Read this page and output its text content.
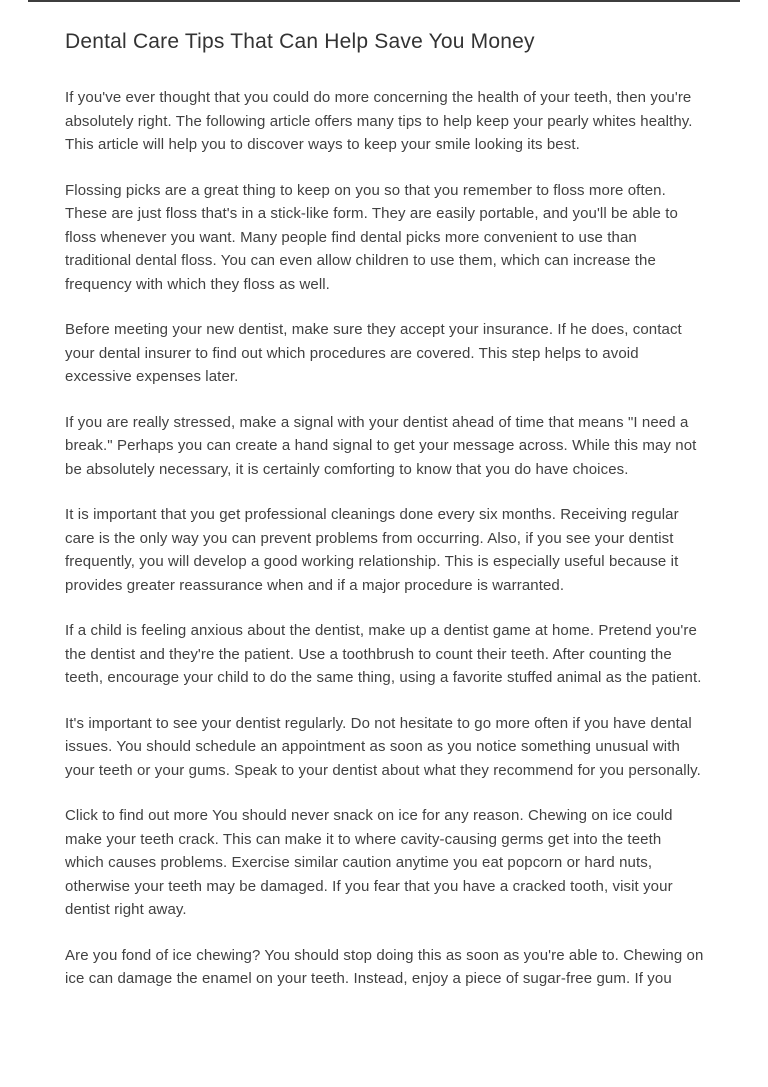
Dental Care Tips That Can Help Save You Money

If you've ever thought that you could do more concerning the health of your teeth, then you're absolutely right. The following article offers many tips to help keep your pearly whites healthy. This article will help you to discover ways to keep your smile looking its best.

Flossing picks are a great thing to keep on you so that you remember to floss more often. These are just floss that's in a stick-like form. They are easily portable, and you'll be able to floss whenever you want. Many people find dental picks more convenient to use than traditional dental floss. You can even allow children to use them, which can increase the frequency with which they floss as well.

Before meeting your new dentist, make sure they accept your insurance. If he does, contact your dental insurer to find out which procedures are covered. This step helps to avoid excessive expenses later.

If you are really stressed, make a signal with your dentist ahead of time that means "I need a break." Perhaps you can create a hand signal to get your message across. While this may not be absolutely necessary, it is certainly comforting to know that you do have choices.

It is important that you get professional cleanings done every six months. Receiving regular care is the only way you can prevent problems from occurring. Also, if you see your dentist frequently, you will develop a good working relationship. This is especially useful because it provides greater reassurance when and if a major procedure is warranted.

If a child is feeling anxious about the dentist, make up a dentist game at home. Pretend you're the dentist and they're the patient. Use a toothbrush to count their teeth. After counting the teeth, encourage your child to do the same thing, using a favorite stuffed animal as the patient.

It's important to see your dentist regularly. Do not hesitate to go more often if you have dental issues. You should schedule an appointment as soon as you notice something unusual with your teeth or your gums. Speak to your dentist about what they recommend for you personally.

Click to find out more You should never snack on ice for any reason. Chewing on ice could make your teeth crack. This can make it to where cavity-causing germs get into the teeth which causes problems. Exercise similar caution anytime you eat popcorn or hard nuts, otherwise your teeth may be damaged. If you fear that you have a cracked tooth, visit your dentist right away.

Are you fond of ice chewing? You should stop doing this as soon as you're able to. Chewing on ice can damage the enamel on your teeth. Instead, enjoy a piece of sugar-free gum. If you
